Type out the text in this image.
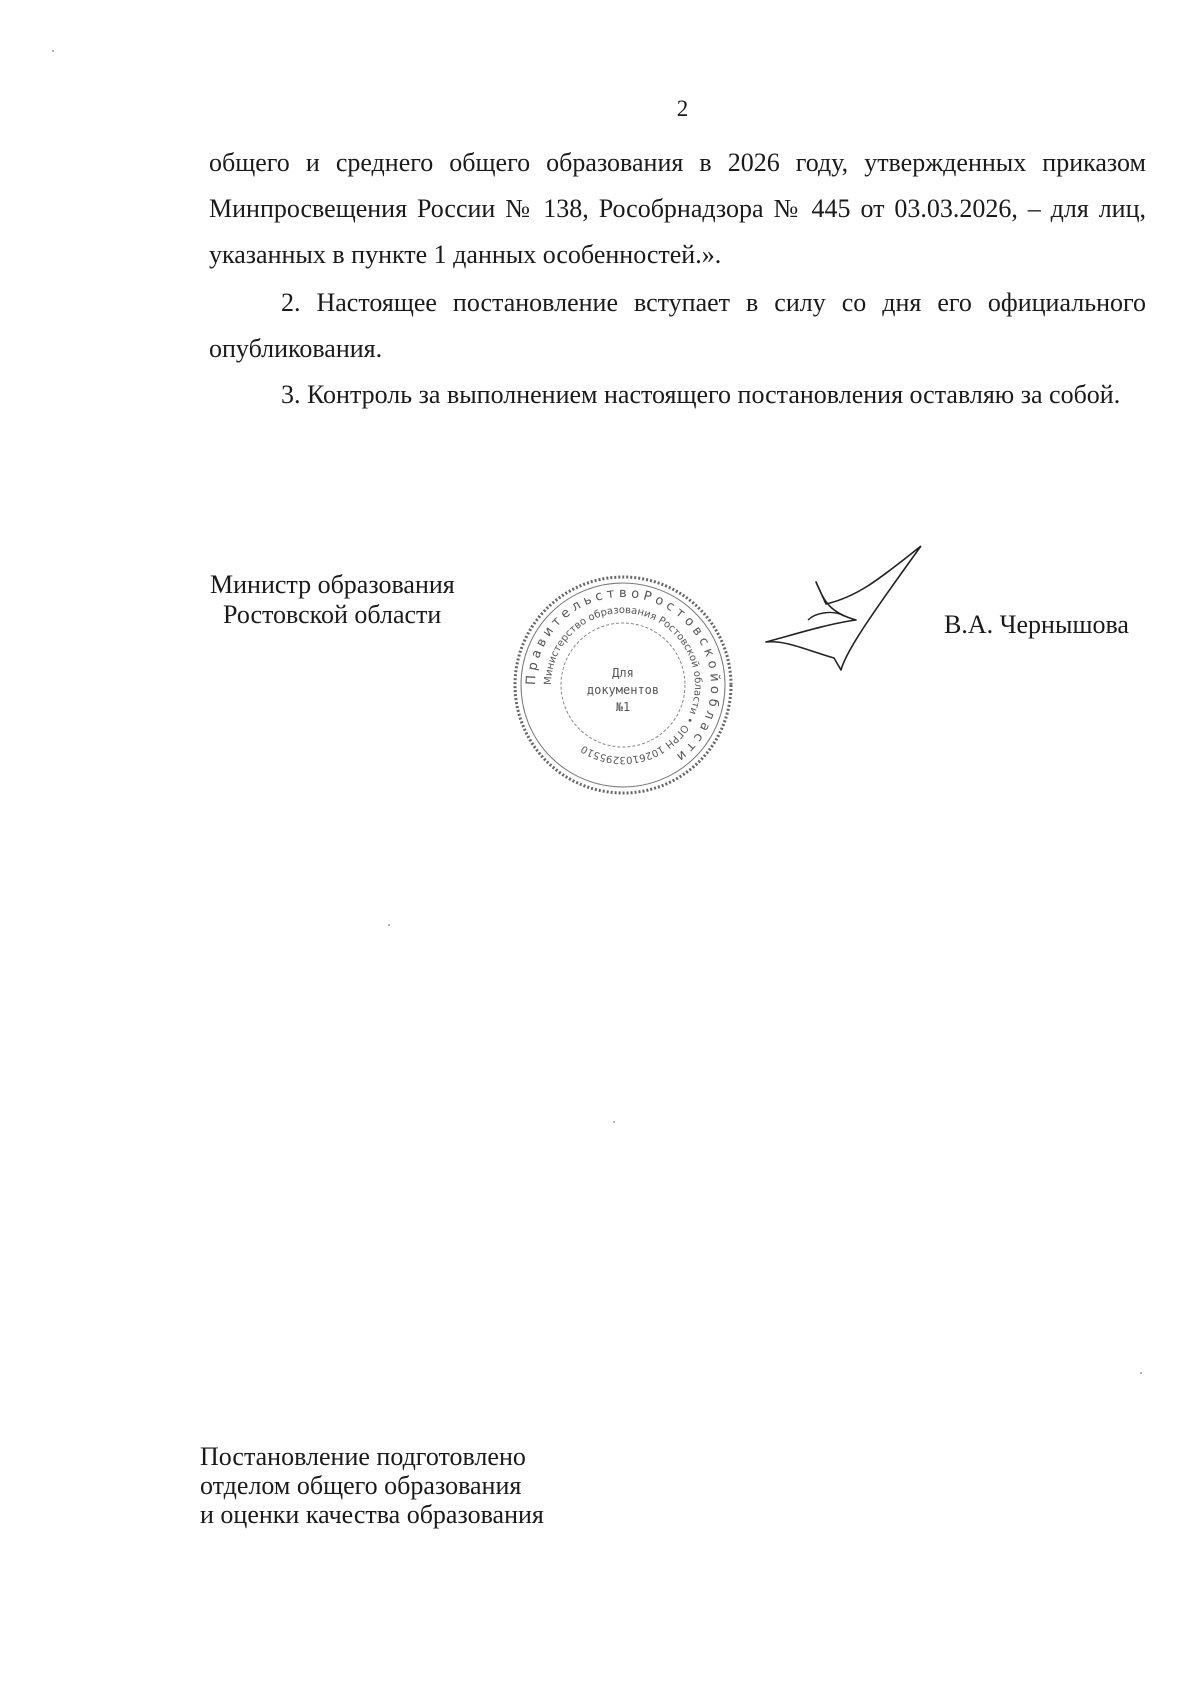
2

общего и среднего общего образования в 2026 году, утвержденных приказом Минпросвещения России № 138, Рособрнадзора № 445 от 03.03.2026, – для лиц, указанных в пункте 1 данных особенностей.».

2. Настоящее постановление вступает в силу со дня его официального опубликования.

3. Контроль за выполнением настоящего постановления оставляю за собой.

Министр образования
Ростовской области
П р а в и т е л ь с т в о Р о с т о в с к о й о б л а с т и
Министерство образования Ростовской области • ОГРН 1026103295510
Для
документов
№1
В.А. Чернышова
Постановление подготовлено
отделом общего образования
и оценки качества образования
